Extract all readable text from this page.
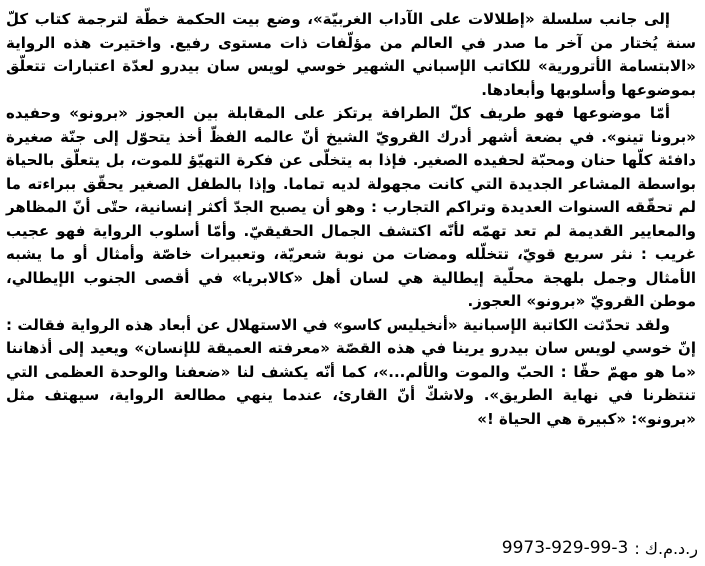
إلى جانب سلسلة «إطلالات على الآداب الغربيّة»، وضع بيت الحكمة خطّة لترجمة كتاب كلّ سنة يُختار من آخر ما صدر في العالم من مؤلّفات ذات مستوى رفيع. واختيرت هذه الرواية «الابتسامة الأترورية» للكاتب الإسباني الشهير خوسي لويس سان بيدرو لعدّة اعتبارات تتعلّق بموضوعها وأسلوبها وأبعادها.

أمّا موضوعها فهو طريف كلّ الطرافة يرتكز على المقابلة بين العجوز «برونو» وحفيده «برونا تينو». في بضعة أشهر أدرك القرويّ الشيخ أنّ عالمه الفظّ أخذ يتحوّل إلى جنّة صغيرة دافئة كلّها حنان ومحبّة لحفيده الصغير. فإذا به يتخلّى عن فكرة التهيّؤ للموت، بل يتعلّق بالحياة بواسطة المشاعر الجديدة التي كانت مجهولة لديه تماما. وإذا بالطفل الصغير يحقّق ببراءته ما لم تحقّقه السنوات العديدة وتراكم التجارب : وهو أن يصبح الجدّ أكثر إنسانية، حتّى أنّ المظاهر والمعايير القديمة لم تعد تهمّه لأنّه اكتشف الجمال الحقيقيّ. وأمّا أسلوب الرواية فهو عجيب غريب : نثر سريع قويّ، تتخلّله ومضات من نوبة شعريّة، وتعبيرات خاصّة وأمثال أو ما يشبه الأمثال وجمل بلهجة محلّية إيطالية هي لسان أهل «كالابريا» في أقصى الجنوب الإيطالي، موطن القرويّ «برونو» العجوز.

ولقد تحدّثت الكاتبة الإسبانية «أنخيليس كاسو» في الاستهلال عن أبعاد هذه الرواية فقالت : إنّ خوسي لويس سان بيدرو يرينا في هذه القصّة «معرفته العميقة للإنسان» ويعيد إلى أذهاننا «ما هو مهمّ حقّا : الحبّ والموت والألم...»، كما أنّه يكشف لنا «ضعفنا والوحدة العظمى التي تنتظرنا في نهاية الطريق». ولاشكّ أنّ القارئ، عندما ينهي مطالعة الرواية، سيهتف مثل «برونو»: «كبيرة هي الحياة !»

9973-929-99-3 ر.د.م.ك :
